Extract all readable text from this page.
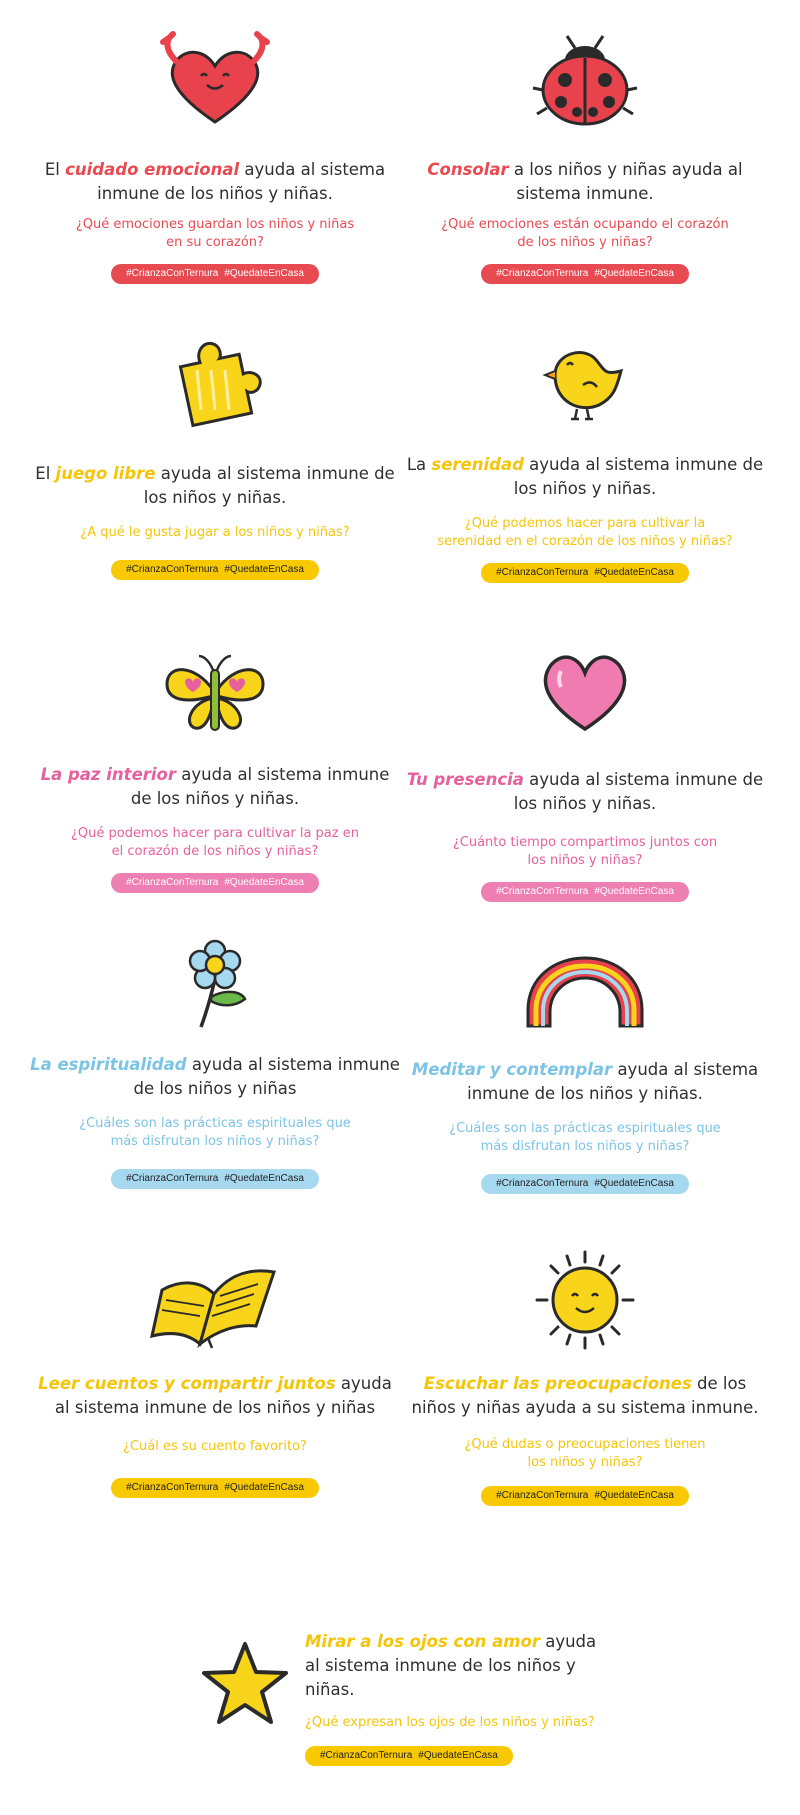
El cuidado emocional ayuda al sistema inmune de los niños y niñas.
¿Qué emociones guardan los niños y niñas en su corazón?
#CrianzaConTernura #QuedateEnCasa
Consolar a los niños y niñas ayuda al sistema inmune.
¿Qué emociones están ocupando el corazón de los niños y niñas?
#CrianzaConTernura #QuedateEnCasa
El juego libre ayuda al sistema inmune de los niños y niñas.
¿A qué le gusta jugar a los niños y niñas?
#CrianzaConTernura #QuedateEnCasa
La serenidad ayuda al sistema inmune de los niños y niñas.
¿Qué podemos hacer para cultivar la serenidad en el corazón de los niños y niñas?
#CrianzaConTernura #QuedateEnCasa
La paz interior ayuda al sistema inmune de los niños y niñas.
¿Qué podemos hacer para cultivar la paz en el corazón de los niños y niñas?
#CrianzaConTernura #QuedateEnCasa
Tu presencia ayuda al sistema inmune de los niños y niñas.
¿Cuánto tiempo compartimos juntos con los niños y niñas?
#CrianzaConTernura #QuedateEnCasa
La espiritualidad ayuda al sistema inmune de los niños y niñas
¿Cuáles son las prácticas espirituales que más disfrutan los niños y niñas?
#CrianzaConTernura #QuedateEnCasa
Meditar y contemplar ayuda al sistema inmune de los niños y niñas.
¿Cuáles son las prácticas espirituales que más disfrutan los niños y niñas?
#CrianzaConTernura #QuedateEnCasa
Leer cuentos y compartir juntos ayuda al sistema inmune de los niños y niñas
¿Cuál es su cuento favorito?
#CrianzaConTernura #QuedateEnCasa
Escuchar las preocupaciones de los niños y niñas ayuda a su sistema inmune.
¿Qué dudas o preocupaciones tienen los niños y niñas?
#CrianzaConTernura #QuedateEnCasa
Mirar a los ojos con amor ayuda al sistema inmune de los niños y niñas.
¿Qué expresan los ojos de los niños y niñas?
#CrianzaConTernura #QuedateEnCasa
